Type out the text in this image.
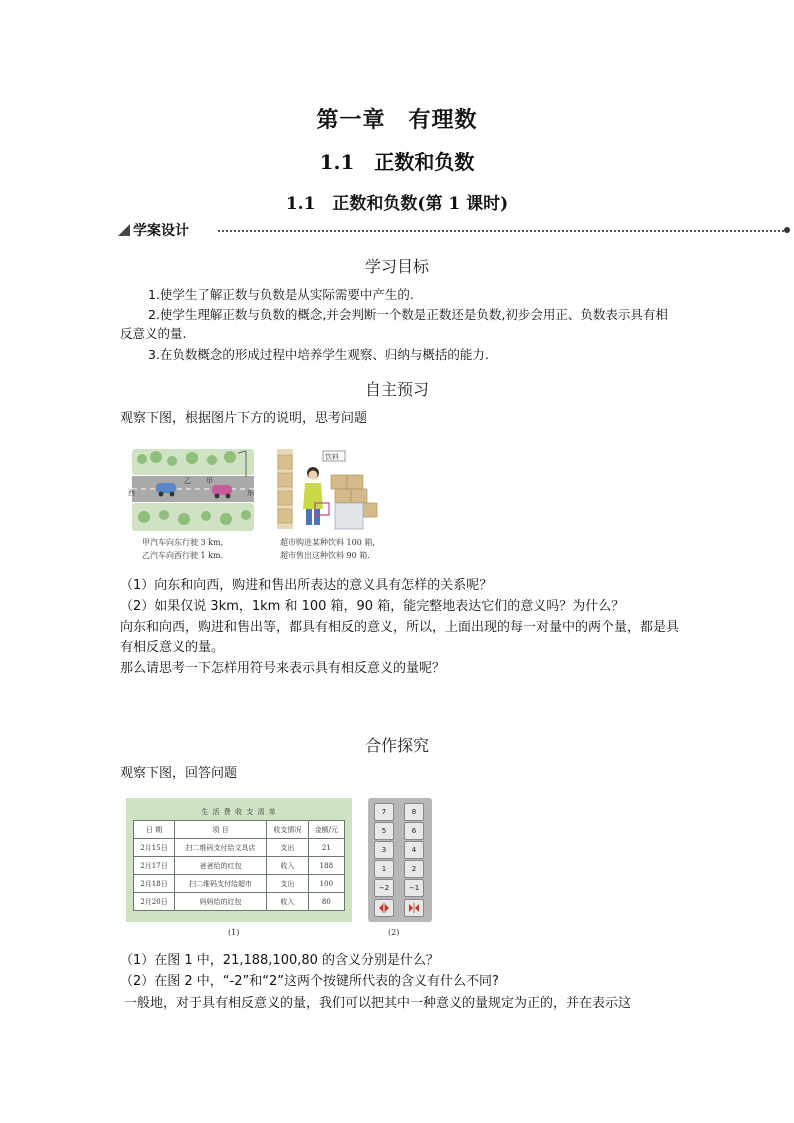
第一章　有理数
1.1　正数和负数
1.1　正数和负数(第 1 课时)
学案设计
学习目标
1.使学生了解正数与负数是从实际需要中产生的.
2.使学生理解正数与负数的概念,并会判断一个数是正数还是负数,初步会用正、负数表示具有相反意义的量.
3.在负数概念的形成过程中培养学生观察、归纳与概括的能力.
自主预习
观察下图，根据图片下方的说明，思考问题
西	东
乙 甲
甲汽车向东行驶 3 km,
乙汽车向西行驶 1 km.
饮料
超市购进某种饮料 100 箱,
超市售出这种饮料 90 箱.
（1）向东和向西，购进和售出所表达的意义具有怎样的关系呢？
（2）如果仅说 3km，1km 和 100 箱，90 箱，能完整地表达它们的意义吗？为什么？
向东和向西，购进和售出等，都具有相反的意义，所以，上面出现的每一对量中的两个量，都是具有相反意义的量。
那么请思考一下怎样用符号来表示具有相反意义的量呢？
合作探究
观察下图，回答问题
生 活 费 收 支 清 单
日 期	项 目	收支情况	金额/元
2月15日	扫二维码支付给文具店	支出	21
2月17日	爸爸给的红包	收入	188
2月18日	扫二维码支付给超市	支出	100
2月20日	妈妈给的红包	收入	80
(1)
7	8
5	6
3	4
1	2
−2	−1
(2)
（1）在图 1 中，21,188,100,80 的含义分别是什么？
（2）在图 2 中，“-2”和“2”这两个按键所代表的含义有什么不同?
一般地，对于具有相反意义的量，我们可以把其中一种意义的量规定为正的，并在表示这
